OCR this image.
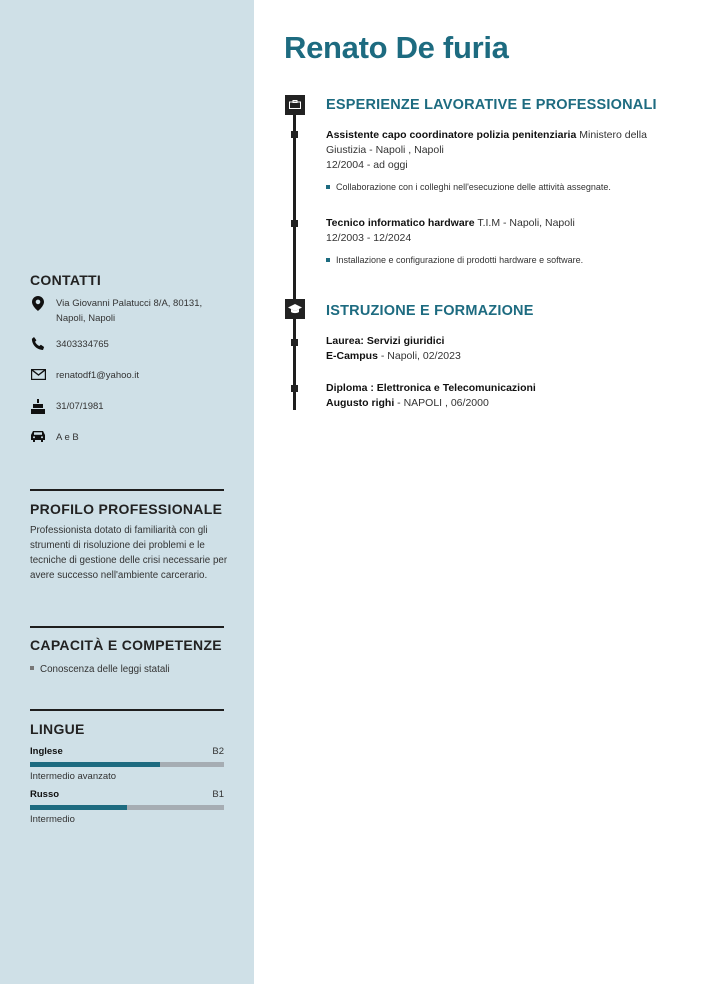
CONTATTI
Via Giovanni Palatucci 8/A, 80131, Napoli, Napoli
3403334765
renatodf1@yahoo.it
31/07/1981
A e B
PROFILO PROFESSIONALE
Professionista dotato di familiarità con gli strumenti di risoluzione dei problemi e le tecniche di gestione delle crisi necessarie per avere successo nell'ambiente carcerario.
CAPACITÀ E COMPETENZE
Conoscenza delle leggi statali
LINGUE
Inglese	B2
Intermedio avanzato
Russo	B1
Intermedio
Renato De furia
ESPERIENZE LAVORATIVE E PROFESSIONALI
Assistente capo coordinatore polizia penitenziaria Ministero della Giustizia - Napoli , Napoli
12/2004 - ad oggi
Collaborazione con i colleghi nell'esecuzione delle attività assegnate.
Tecnico informatico hardware T.I.M - Napoli, Napoli
12/2003 - 12/2024
Installazione e configurazione di prodotti hardware e software.
ISTRUZIONE E FORMAZIONE
Laurea: Servizi giuridici
E-Campus - Napoli, 02/2023
Diploma : Elettronica e Telecomunicazioni
Augusto righi - NAPOLI , 06/2000
